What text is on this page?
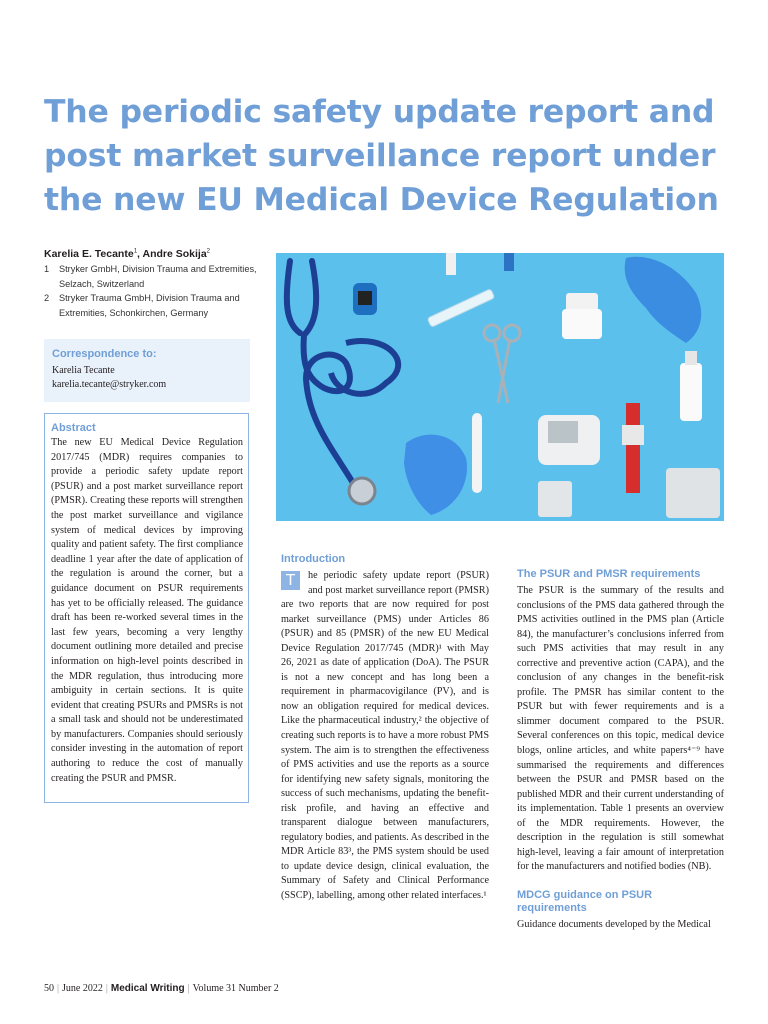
The periodic safety update report and
post market surveillance report under
the new EU Medical Device Regulation
Karelia E. Tecante$^1$, Andre Sokija$^2$
1 Stryker GmbH, Division Trauma and Extremities, Selzach, Switzerland
2 Stryker Trauma GmbH, Division Trauma and Extremities, Schonkirchen, Germany
Correspondence to:
Karelia Tecante
karelia.tecante@stryker.com
Abstract

The new EU Medical Device Regulation 2017/745 (MDR) requires companies to provide a periodic safety update report (PSUR) and a post market surveillance report (PMSR). Creating these reports will strengthen the post market surveillance and vigilance system of medical devices by improving quality and patient safety. The first compliance deadline 1 year after the date of application of the regulation is around the corner, but a guidance document on PSUR requirements has yet to be officially released. The guidance draft has been re-worked several times in the last few years, becoming a very lengthy document outlining more detailed and precise information on high-level points described in the MDR regulation, thus introducing more ambiguity in certain sections. It is quite evident that creating PSURs and PMSRs is not a small task and should not be underestimated by manufacturers. Companies should seriously consider investing in the automation of report authoring to reduce the cost of manually creating the PSUR and PMSR.

Introduction

T	he periodic safety update report (PSUR) and post market surveillance report (PMSR) are two reports that are now required for post market surveillance (PMS) under Articles 86 (PSUR) and 85 (PMSR) of the new EU Medical Device Regulation 2017/745 (MDR)¹ with May 26, 2021 as date of application (DoA). The PSUR is not a new concept and has long been a requirement in pharmacovigilance (PV), and is now an obligation required for medical devices. Like the pharmaceutical industry,² the objective of creating such reports is to have a more robust PMS system. The aim is to strengthen the effectiveness of PMS activities and use the reports as a source for identifying new safety signals, monitoring the success of such mechanisms, updating the benefit-risk profile, and having an effective and transparent dialogue between manufacturers, regulatory bodies, and patients. As described in the MDR Article 83³, the PMS system should be used to update device design, clinical evaluation, the Summary of Safety and Clinical Performance (SSCP), labelling, among other related interfaces.¹

The PSUR and PMSR requirements

The PSUR is the summary of the results and conclusions of the PMS data gathered through the PMS activities outlined in the PMS plan (Article 84), the manufacturer’s conclusions inferred from such PMS activities that may result in any corrective and preventive action (CAPA), and the conclusion of any changes in the benefit-risk profile. The PMSR has similar content to the PSUR but with fewer requirements and is a slimmer document compared to the PSUR. Several conferences on this topic, medical device blogs, online articles, and white papers⁴⁻⁹ have summarised the requirements and differences between the PSUR and PMSR based on the published MDR and their current understanding of its implementation. Table 1 presents an overview of the MDR requirements. However, the description in the regulation is still somewhat high-level, leaving a fair amount of interpretation for the manufacturers and notified bodies (NB).

MDCG guidance on PSUR requirements

Guidance documents developed by the Medical

50 | June 2022 | Medical Writing | Volume 31 Number 2
